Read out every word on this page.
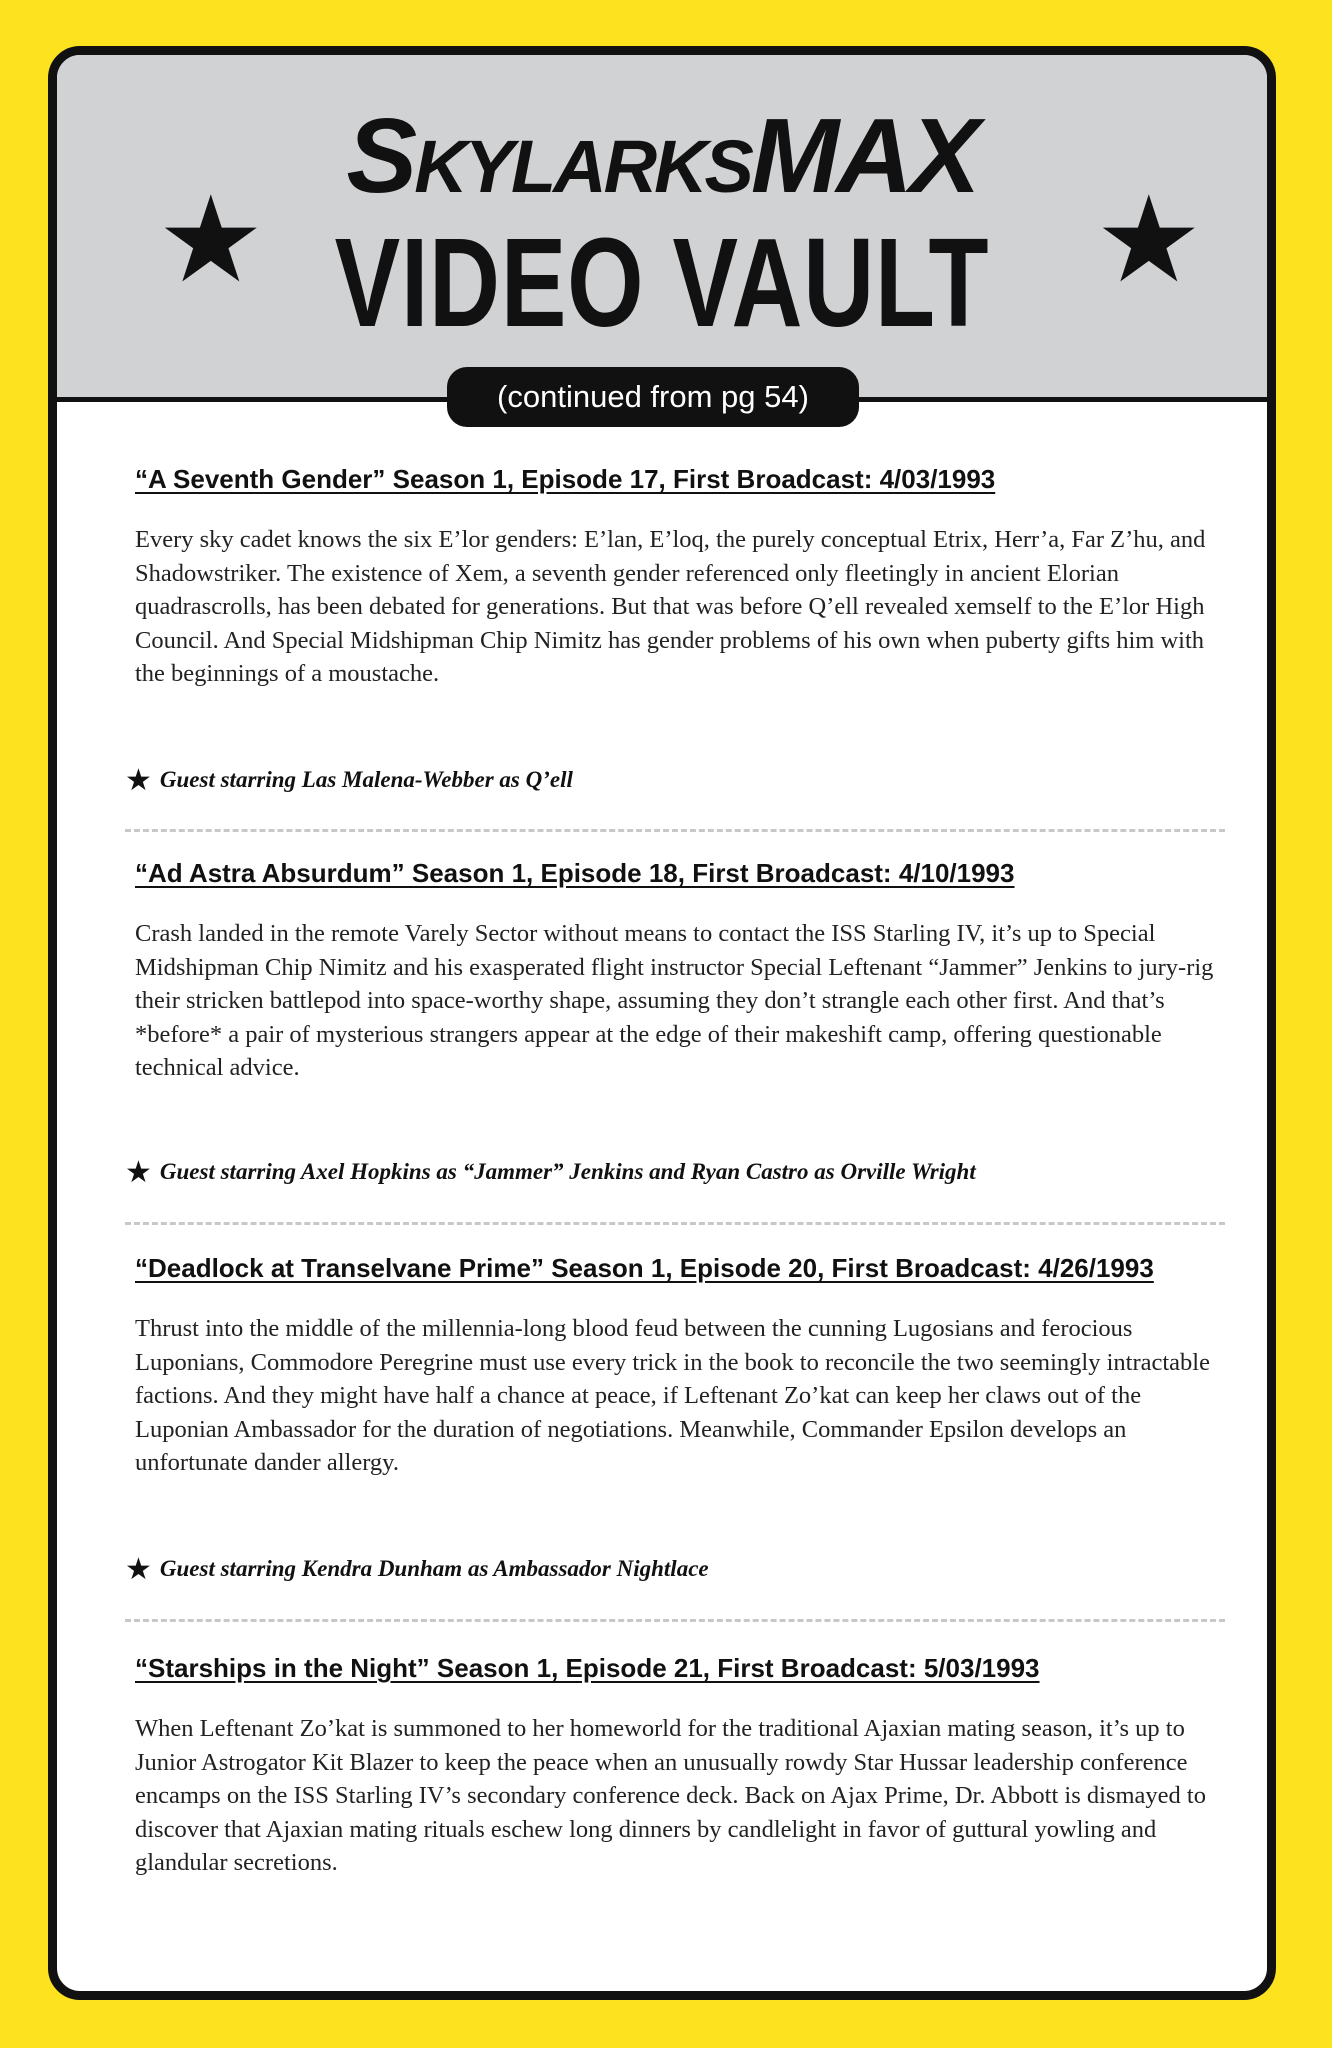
★
SkylarksMAX
VIDEO VAULT ★
(continued from pg 54)
“A Seventh Gender” Season 1, Episode 17, First Broadcast: 4/03/1993
Every sky cadet knows the six E’lor genders: E’lan, E’loq, the purely conceptual Etrix, Herr’a, Far Z’hu, and Shadowstriker. The existence of Xem, a seventh gender referenced only fleetingly in ancient Elorian quadrascrolls, has been debated for generations. But that was before Q’ell revealed xemself to the E’lor High Council. And Special Midshipman Chip Nimitz has gender problems of his own when puberty gifts him with the beginnings of a moustache.
★ Guest starring Las Malena-Webber as Q’ell
“Ad Astra Absurdum” Season 1, Episode 18, First Broadcast: 4/10/1993
Crash landed in the remote Varely Sector without means to contact the ISS Starling IV, it’s up to Special Midshipman Chip Nimitz and his exasperated flight instructor Special Leftenant “Jammer” Jenkins to jury-rig their stricken battlepod into space-worthy shape, assuming they don’t strangle each other first. And that’s *before* a pair of mysterious strangers appear at the edge of their makeshift camp, offering questionable technical advice.
★ Guest starring Axel Hopkins as “Jammer” Jenkins and Ryan Castro as Orville Wright
“Deadlock at Transelvane Prime” Season 1, Episode 20, First Broadcast: 4/26/1993
Thrust into the middle of the millennia-long blood feud between the cunning Lugosians and ferocious Luponians, Commodore Peregrine must use every trick in the book to reconcile the two seemingly intractable factions. And they might have half a chance at peace, if Leftenant Zo’kat can keep her claws out of the Luponian Ambassador for the duration of negotiations. Meanwhile, Commander Epsilon develops an unfortunate dander allergy.
★ Guest starring Kendra Dunham as Ambassador Nightlace
“Starships in the Night” Season 1, Episode 21, First Broadcast: 5/03/1993
When Leftenant Zo’kat is summoned to her homeworld for the traditional Ajaxian mating season, it’s up to Junior Astrogator Kit Blazer to keep the peace when an unusually rowdy Star Hussar leadership conference encamps on the ISS Starling IV’s secondary conference deck. Back on Ajax Prime, Dr. Abbott is dismayed to discover that Ajaxian mating rituals eschew long dinners by candlelight in favor of guttural yowling and glandular secretions.
